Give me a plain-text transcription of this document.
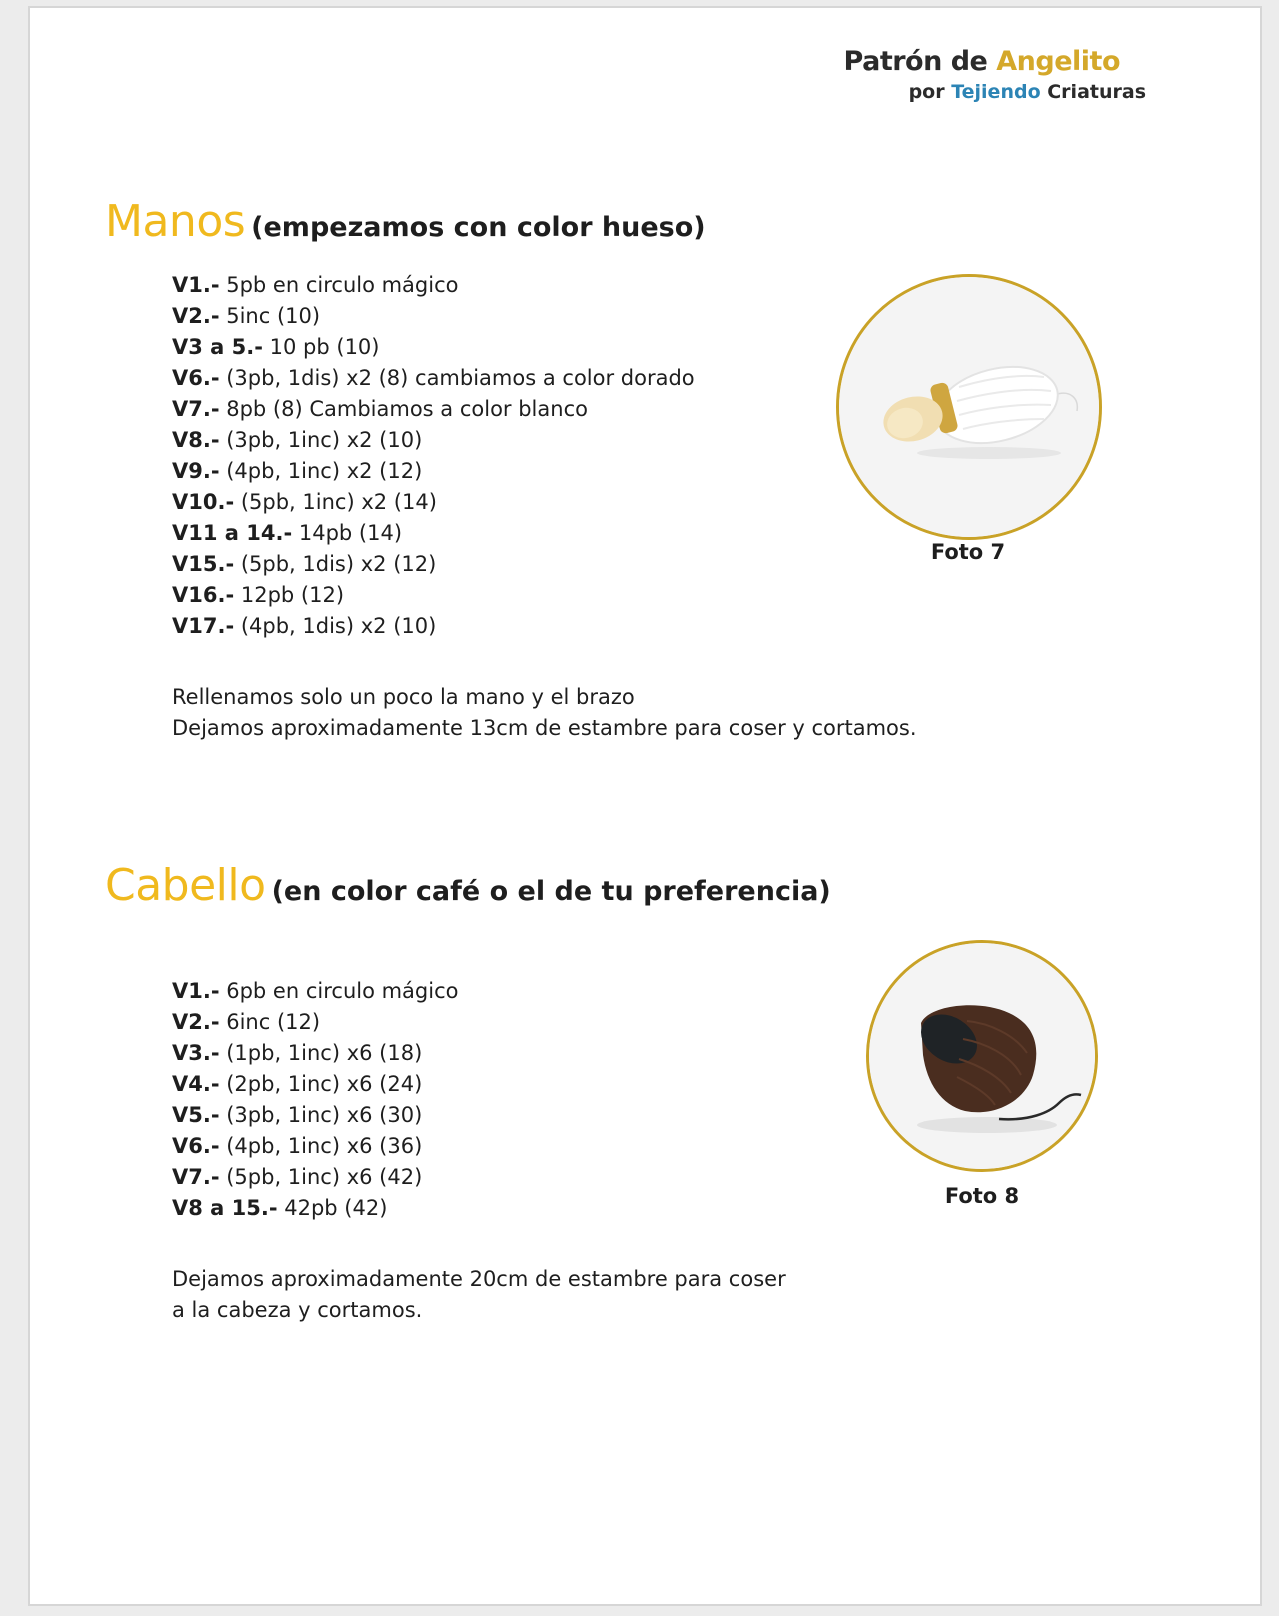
Patrón de Angelito
por Tejiendo Criaturas
Manos (empezamos con color hueso)
V1.- 5pb en circulo mágico
V2.- 5inc (10)
V3 a 5.- 10 pb (10)
V6.- (3pb, 1dis) x2 (8) cambiamos a color dorado
V7.- 8pb (8) Cambiamos a color blanco
V8.- (3pb, 1inc) x2 (10)
V9.- (4pb, 1inc) x2 (12)
V10.- (5pb, 1inc) x2 (14)
V11 a 14.- 14pb (14)
V15.- (5pb, 1dis) x2 (12)
V16.- 12pb (12)
V17.- (4pb, 1dis) x2 (10)
Rellenamos solo un poco la mano y el brazo
Dejamos aproximadamente 13cm de estambre para coser y cortamos.
Foto 7
Cabello (en color café o el de tu preferencia)
V1.- 6pb en circulo mágico
V2.- 6inc (12)
V3.- (1pb, 1inc) x6 (18)
V4.- (2pb, 1inc) x6 (24)
V5.- (3pb, 1inc) x6 (30)
V6.- (4pb, 1inc) x6 (36)
V7.- (5pb, 1inc) x6 (42)
V8 a 15.- 42pb (42)
Dejamos aproximadamente 20cm de estambre para coser
a la cabeza y cortamos.
Foto 8
